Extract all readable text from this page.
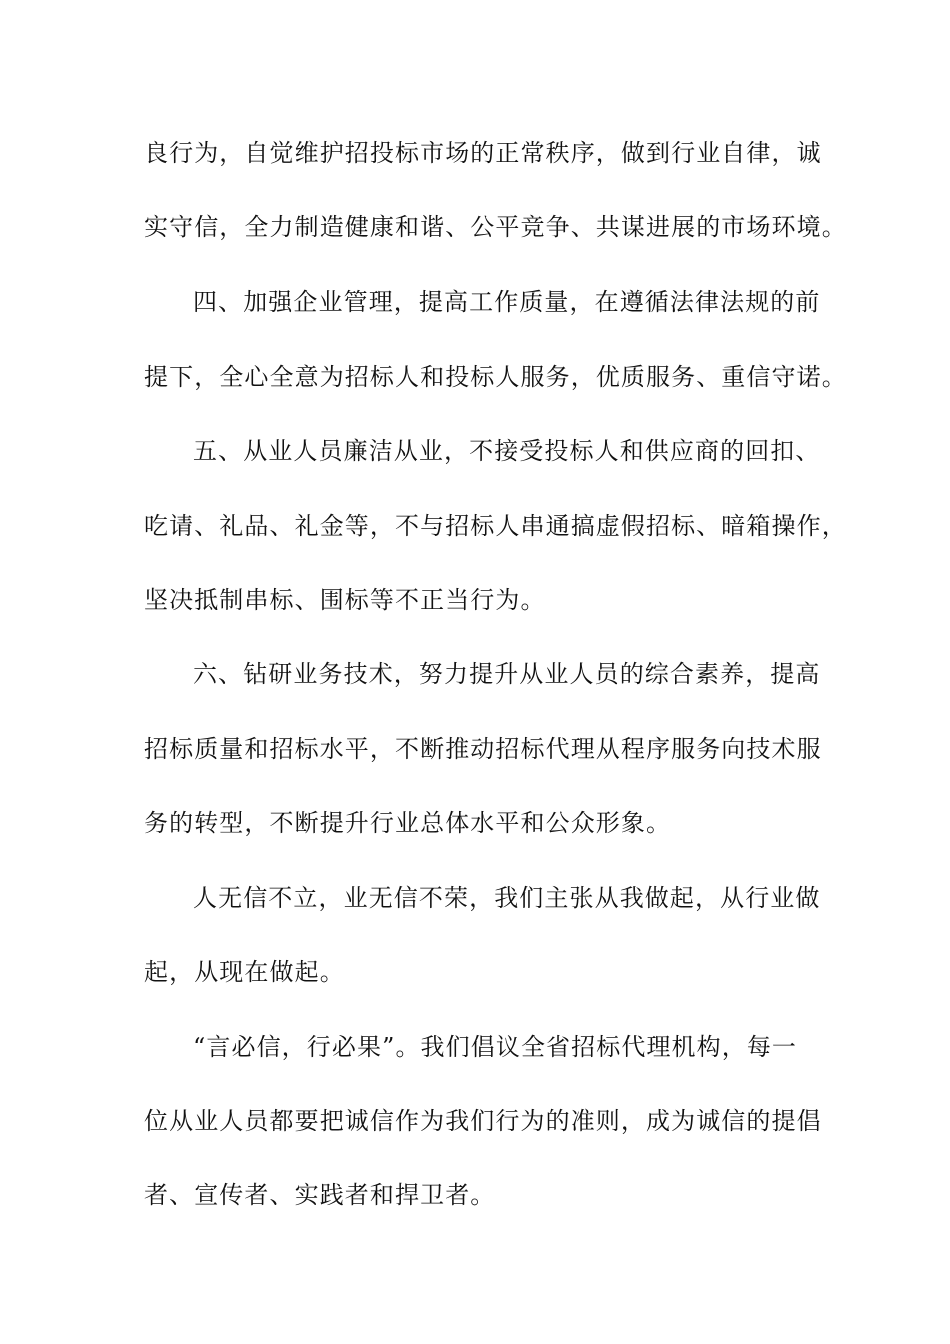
良行为，自觉维护招投标市场的正常秩序，做到行业自律，诚
实守信，全力制造健康和谐、公平竞争、共谋进展的市场环境。
四、加强企业管理，提高工作质量，在遵循法律法规的前
提下，全心全意为招标人和投标人服务，优质服务、重信守诺。
五、从业人员廉洁从业，不接受投标人和供应商的回扣、
吃请、礼品、礼金等，不与招标人串通搞虚假招标、暗箱操作，
坚决抵制串标、围标等不正当行为。
六、钻研业务技术，努力提升从业人员的综合素养，提高
招标质量和招标水平，不断推动招标代理从程序服务向技术服
务的转型，不断提升行业总体水平和公众形象。
人无信不立，业无信不荣，我们主张从我做起，从行业做
起，从现在做起。
“言必信，行必果”。我们倡议全省招标代理机构，每一
位从业人员都要把诚信作为我们行为的准则，成为诚信的提倡
者、宣传者、实践者和捍卫者。
